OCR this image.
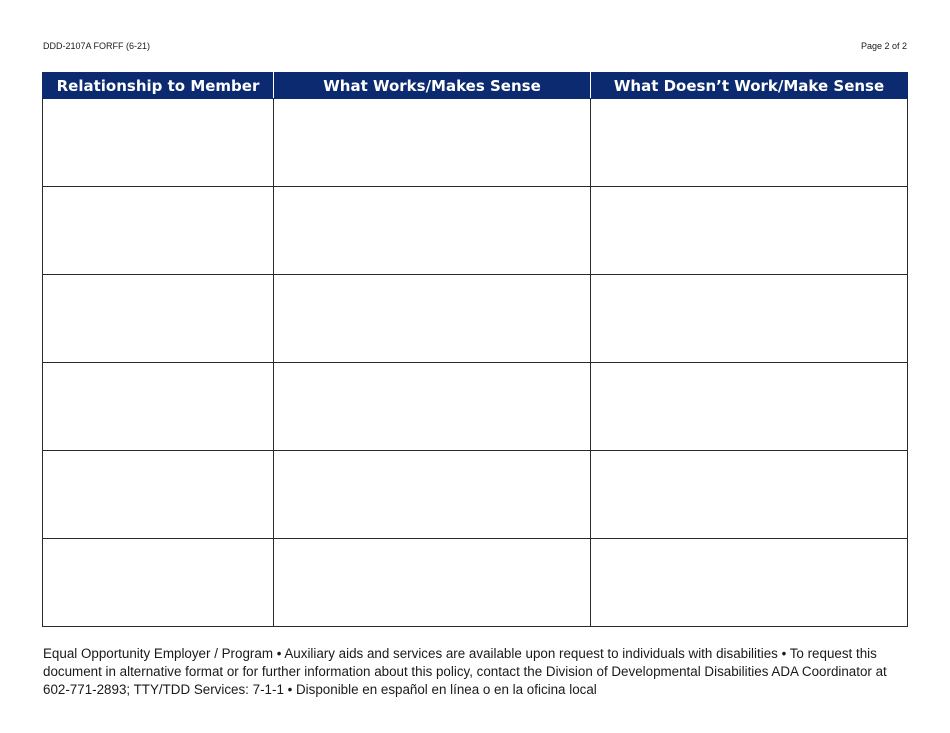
DDD-2107A FORFF (6-21)	Page 2 of 2
Relationship to Member	What Works/Makes Sense	What Doesn’t Work/Make Sense

Equal Opportunity Employer / Program • Auxiliary aids and services are available upon request to individuals with disabilities • To request this document in alternative format or for further information about this policy, contact the Division of Developmental Disabilities ADA Coordinator at 602-771-2893; TTY/TDD Services: 7-1-1 • Disponible en español en línea o en la oficina local
